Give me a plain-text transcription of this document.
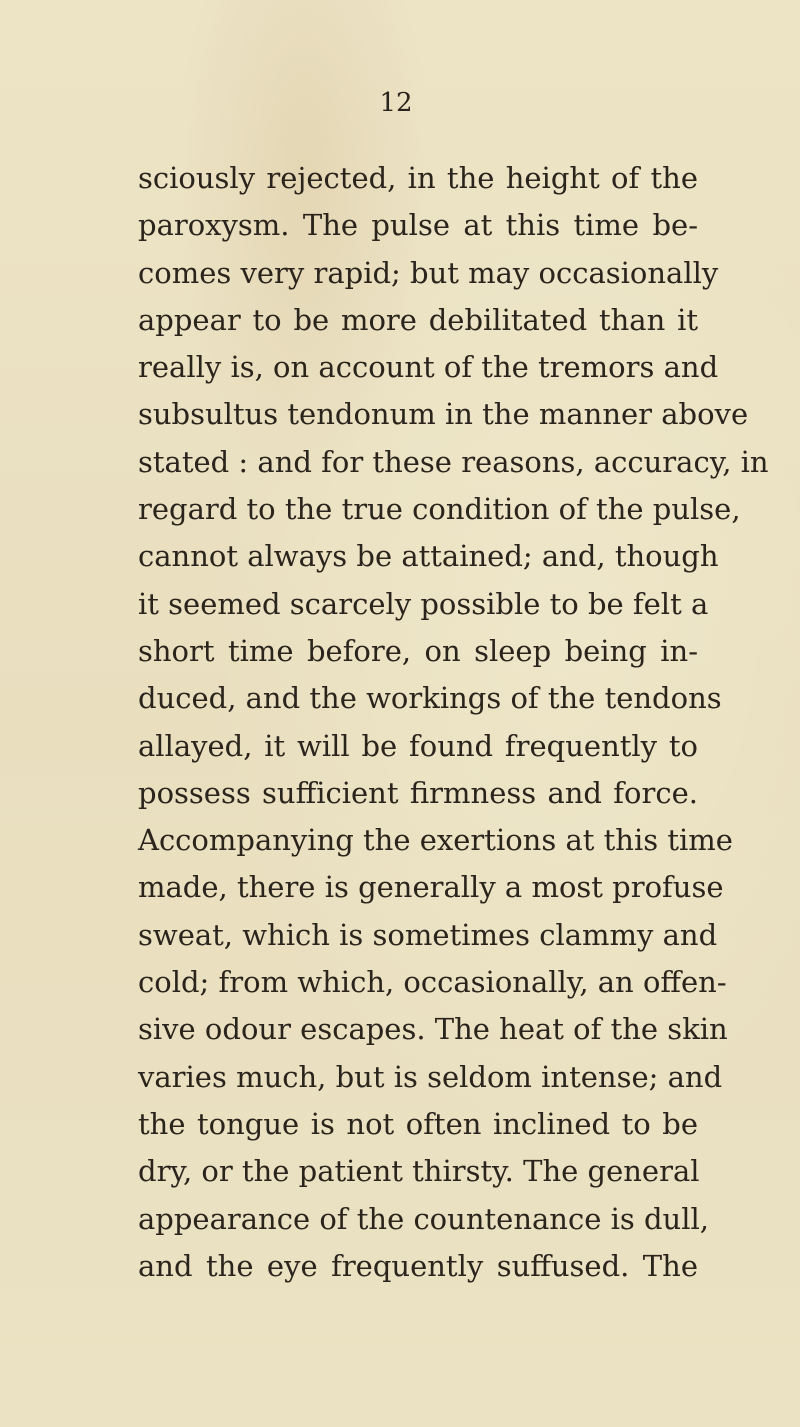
12
sciously rejected, in the height of the
paroxysm. The pulse at this time be-
comes very rapid; but may occasionally
appear to be more debilitated than it
really is, on account of the tremors and
subsultus tendonum in the manner above
stated : and for these reasons, accuracy, in
regard to the true condition of the pulse,
cannot always be attained; and, though
it seemed scarcely possible to be felt a
short time before, on sleep being in-
duced, and the workings of the tendons
allayed, it will be found frequently to
possess sufficient firmness and force.
Accompanying the exertions at this time
made, there is generally a most profuse
sweat, which is sometimes clammy and
cold; from which, occasionally, an offen-
sive odour escapes. The heat of the skin
varies much, but is seldom intense; and
the tongue is not often inclined to be
dry, or the patient thirsty. The general
appearance of the countenance is dull,
and the eye frequently suffused. The
